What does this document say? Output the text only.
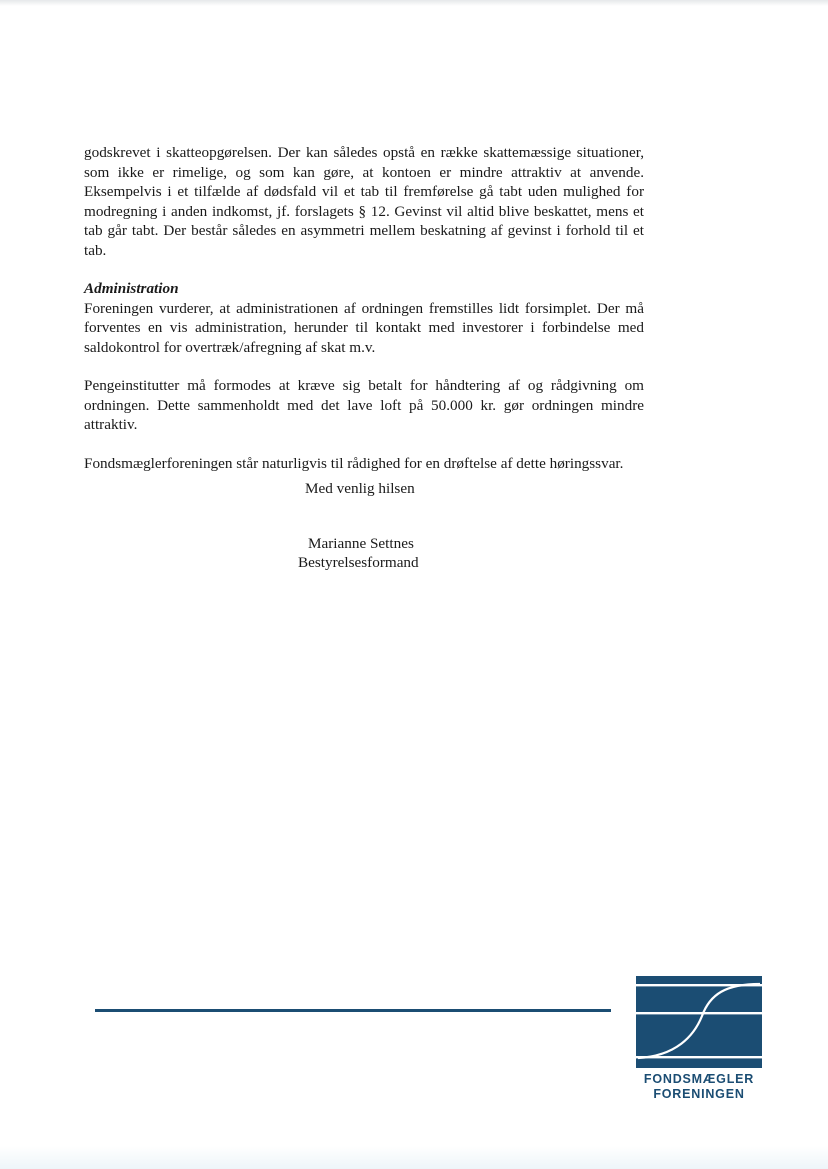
godskrevet i skatteopgørelsen. Der kan således opstå en række skattemæssige situationer, som ikke er rimelige, og som kan gøre, at kontoen er mindre attraktiv at anvende. Eksempelvis i et tilfælde af dødsfald vil et tab til fremførelse gå tabt uden mulighed for modregning i anden indkomst, jf. forslagets § 12. Gevinst vil altid blive beskattet, mens et tab går tabt. Der består således en asymmetri mellem beskatning af gevinst i forhold til et tab.

Administration

Foreningen vurderer, at administrationen af ordningen fremstilles lidt forsimplet. Der må forventes en vis administration, herunder til kontakt med investorer i forbindelse med saldokontrol for overtræk/afregning af skat m.v.

Pengeinstitutter må formodes at kræve sig betalt for håndtering af og rådgivning om ordningen. Dette sammenholdt med det lave loft på 50.000 kr. gør ordningen mindre attraktiv.

Fondsmæglerforeningen står naturligvis til rådighed for en drøftelse af dette høringssvar.

Med venlig hilsen
Marianne Settnes
Bestyrelsesformand
FONDSMÆGLER
FORENINGEN
